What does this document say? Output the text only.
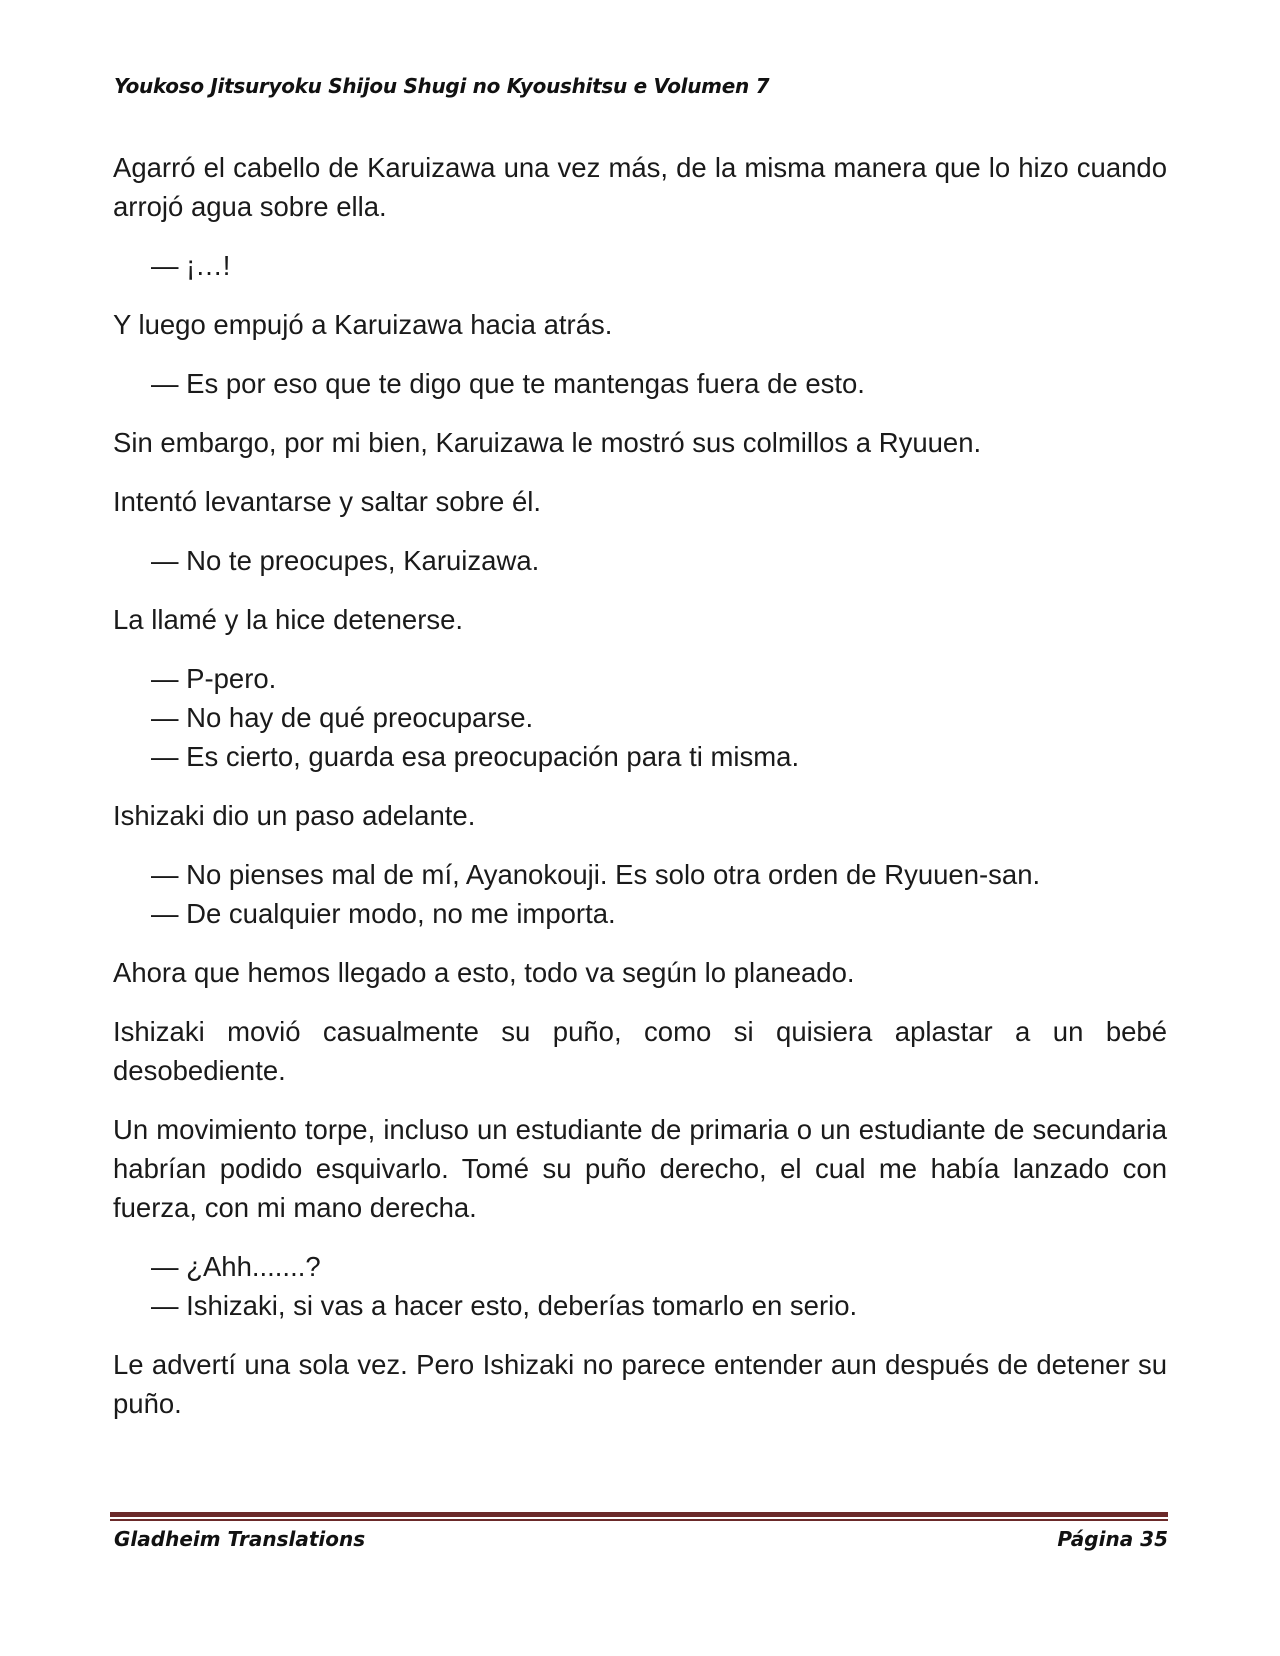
Youkoso Jitsuryoku Shijou Shugi no Kyoushitsu e Volumen 7

Agarró el cabello de Karuizawa una vez más, de la misma manera que lo hizo cuando arrojó agua sobre ella.

— ¡…!

Y luego empujó a Karuizawa hacia atrás.

— Es por eso que te digo que te mantengas fuera de esto.

Sin embargo, por mi bien, Karuizawa le mostró sus colmillos a Ryuuen.

Intentó levantarse y saltar sobre él.

— No te preocupes, Karuizawa.

La llamé y la hice detenerse.

— P-pero.

— No hay de qué preocuparse.

— Es cierto, guarda esa preocupación para ti misma.

Ishizaki dio un paso adelante.

— No pienses mal de mí, Ayanokouji. Es solo otra orden de Ryuuen-san.

— De cualquier modo, no me importa.

Ahora que hemos llegado a esto, todo va según lo planeado.

Ishizaki movió casualmente su puño, como si quisiera aplastar a un bebé desobediente.

Un movimiento torpe, incluso un estudiante de primaria o un estudiante de secundaria habrían podido esquivarlo. Tomé su puño derecho, el cual me había lanzado con fuerza, con mi mano derecha.

— ¿Ahh.......?

— Ishizaki, si vas a hacer esto, deberías tomarlo en serio.

Le advertí una sola vez. Pero Ishizaki no parece entender aun después de detener su puño.

Gladheim Translations	Página 35
